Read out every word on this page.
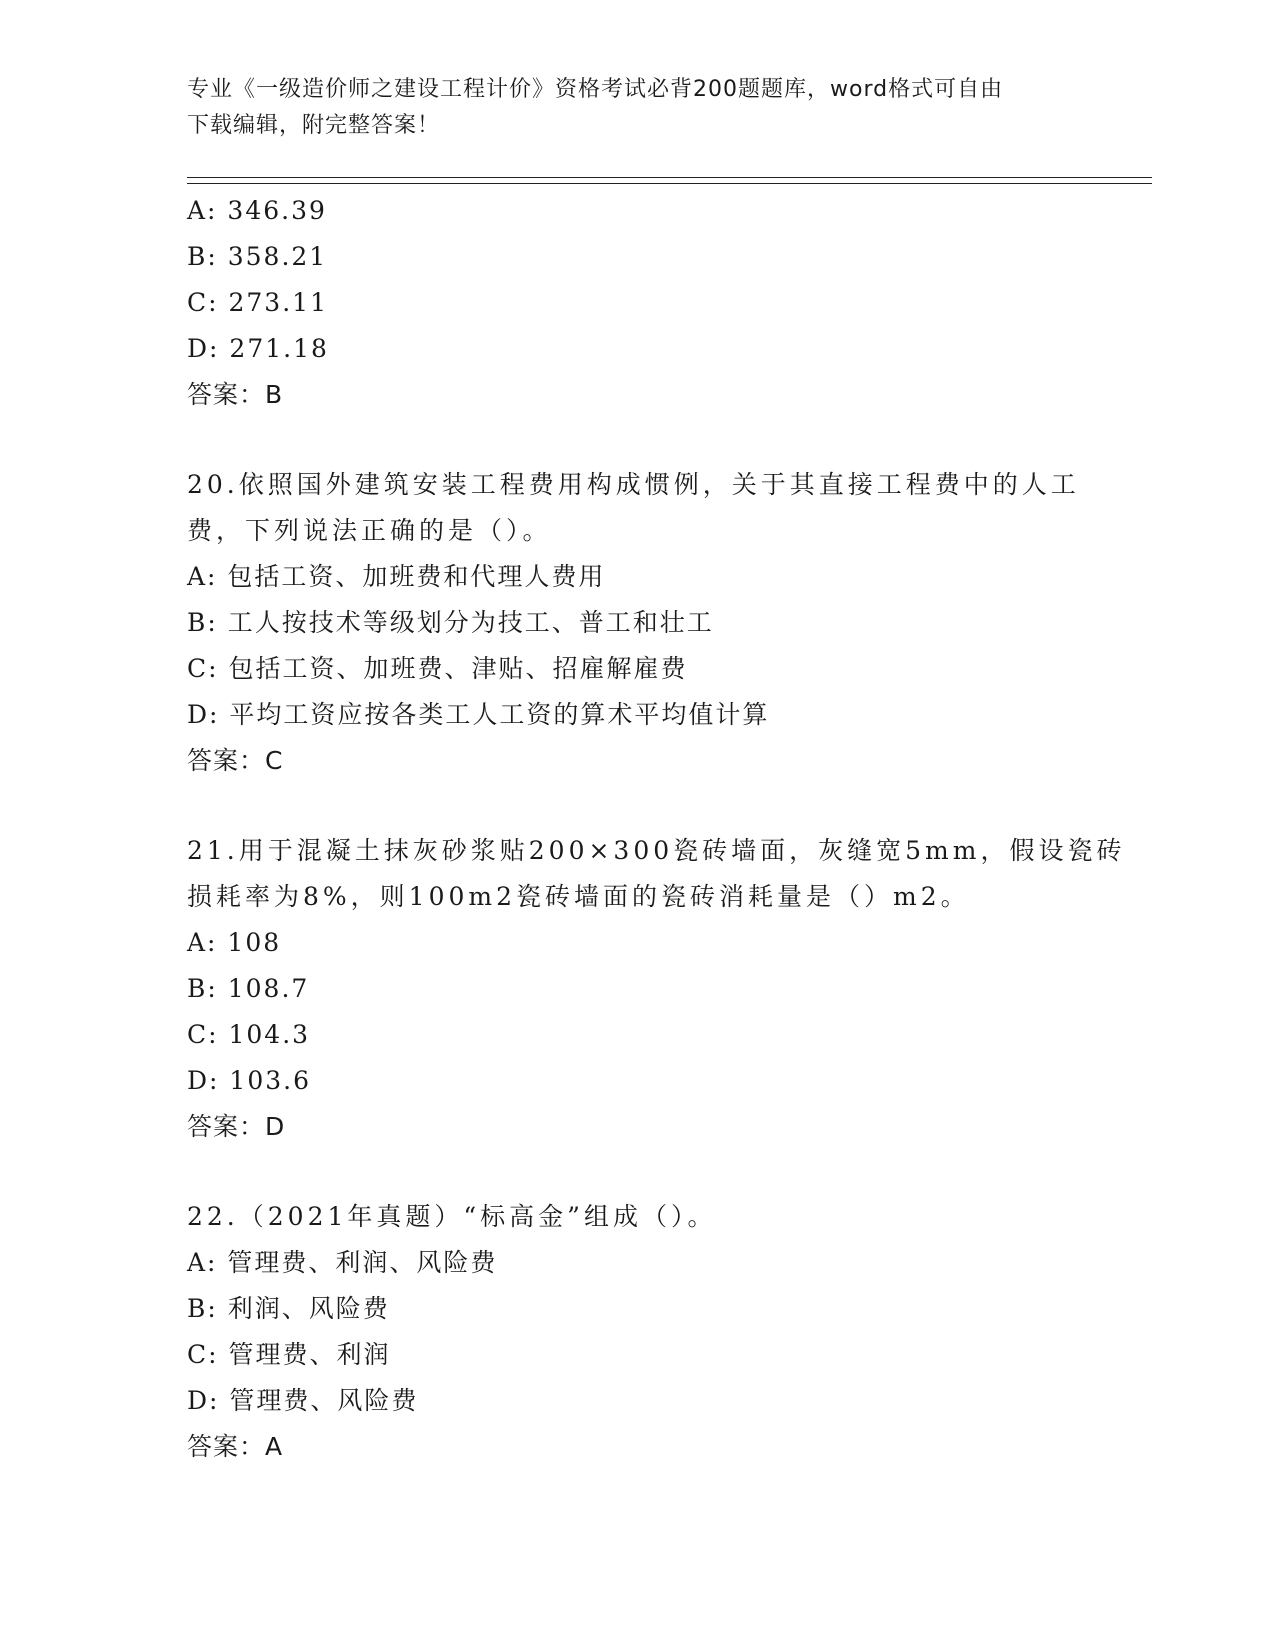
专业《一级造价师之建设工程计价》资格考试必背200题题库，word格式可自由
下载编辑，附完整答案！
A: 346.39
B: 358.21
C: 273.11
D: 271.18
答案：B
20.依照国外建筑安装工程费用构成惯例，关于其直接工程费中的人工
费，下列说法正确的是（）。
A: 包括工资、加班费和代理人费用
B: 工人按技术等级划分为技工、普工和壮工
C: 包括工资、加班费、津贴、招雇解雇费
D: 平均工资应按各类工人工资的算术平均值计算
答案：C
21.用于混凝土抹灰砂浆贴200×300瓷砖墙面，灰缝宽5mm，假设瓷砖
损耗率为8%，则100m2瓷砖墙面的瓷砖消耗量是（）m2。
A: 108
B: 108.7
C: 104.3
D: 103.6
答案：D
22.（2021年真题）“标高金”组成（）。
A: 管理费、利润、风险费
B: 利润、风险费
C: 管理费、利润
D: 管理费、风险费
答案：A
